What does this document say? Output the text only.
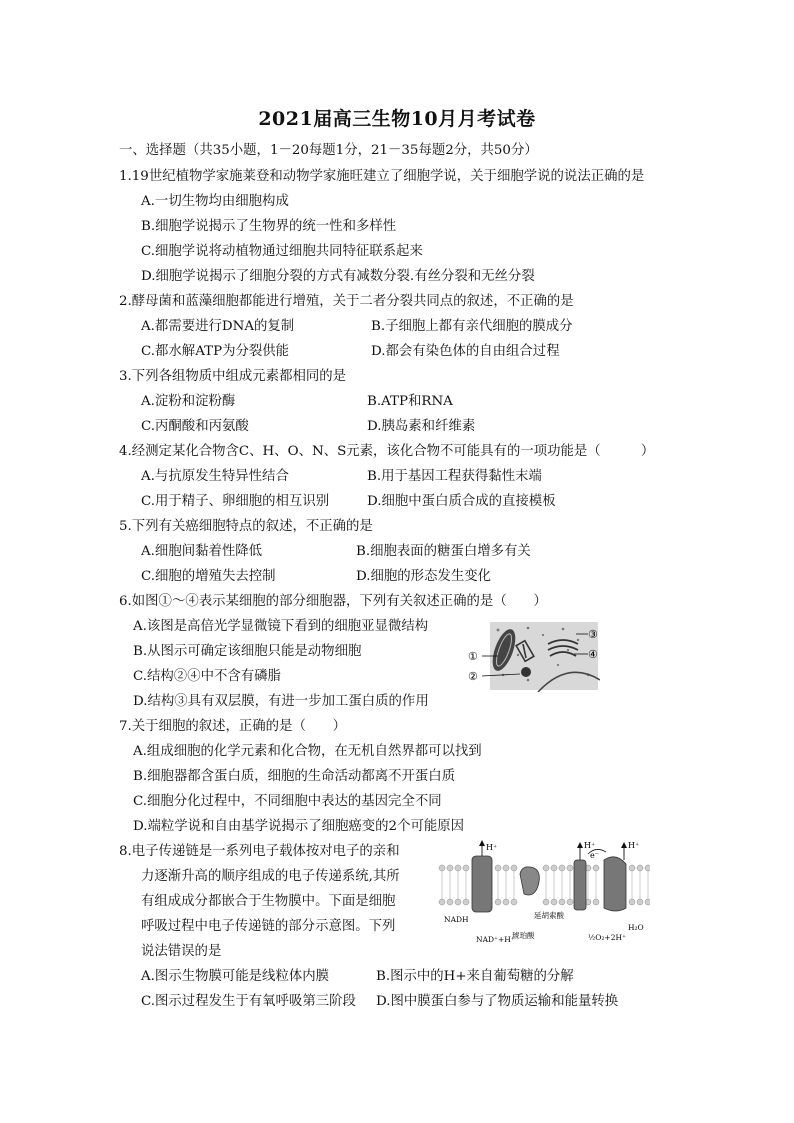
2021届高三生物10月月考试卷
一、选择题（共35小题，1－20每题1分，21－35每题2分，共50分）
1.19世纪植物学家施莱登和动物学家施旺建立了细胞学说，关于细胞学说的说法正确的是
A.一切生物均由细胞构成
B.细胞学说揭示了生物界的统一性和多样性
C.细胞学说将动植物通过细胞共同特征联系起来
D.细胞学说揭示了细胞分裂的方式有减数分裂.有丝分裂和无丝分裂
2.酵母菌和蓝藻细胞都能进行增殖，关于二者分裂共同点的叙述，不正确的是
A.都需要进行DNA的复制	B.子细胞上都有亲代细胞的膜成分
C.都水解ATP为分裂供能	D.都会有染色体的自由组合过程
3.下列各组物质中组成元素都相同的是
A.淀粉和淀粉酶	B.ATP和RNA
C.丙酮酸和丙氨酸	D.胰岛素和纤维素
4.经测定某化合物含C、H、O、N、S元素，该化合物不可能具有的一项功能是（　　　）
A.与抗原发生特异性结合	B.用于基因工程获得黏性末端
C.用于精子、卵细胞的相互识别	D.细胞中蛋白质合成的直接模板
5.下列有关癌细胞特点的叙述，不正确的是
A.细胞间黏着性降低	B.细胞表面的糖蛋白增多有关
C.细胞的增殖失去控制	D.细胞的形态发生变化
6.如图①～④表示某细胞的部分细胞器，下列有关叙述正确的是（　　）
A.该图是高倍光学显微镜下看到的细胞亚显微结构
B.从图示可确定该细胞只能是动物细胞
C.结构②④中不含有磷脂
D.结构③具有双层膜，有进一步加工蛋白质的作用
①
②
③
④
7.关于细胞的叙述，正确的是（　　）
A.组成细胞的化学元素和化合物，在无机自然界都可以找到
B.细胞器都含蛋白质，细胞的生命活动都离不开蛋白质
C.细胞分化过程中，不同细胞中表达的基因完全不同
D.端粒学说和自由基学说揭示了细胞癌变的2个可能原因
8.电子传递链是一系列电子载体按对电子的亲和
力逐渐升高的顺序组成的电子传递系统,其所
有组成成分都嵌合于生物膜中。下面是细胞
呼吸过程中电子传递链的部分示意图。下列
说法错误的是
A.图示生物膜可能是线粒体内膜	B.图示中的H+来自葡萄糖的分解
C.图示过程发生于有氧呼吸第三阶段 D.图中膜蛋白参与了物质运输和能量转换
H⁺	H⁺	H⁺
e⁻
NADH
NAD⁺+H⁺
延胡索酸
琥珀酸	½O₂+2H⁺
H₂O
